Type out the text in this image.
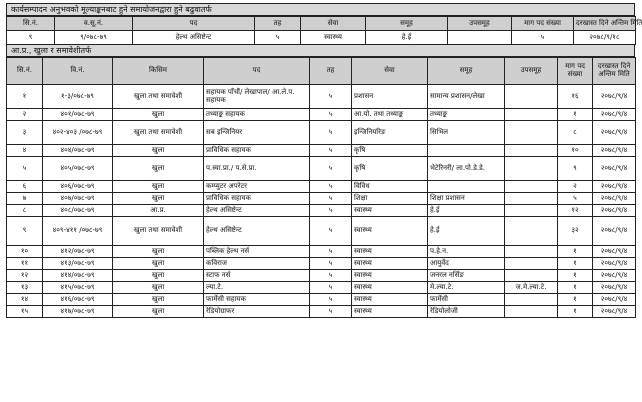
कार्यसम्पादन अनुभवको मूल्याङ्कनबाट हुने समायोजनद्वारा हुने बढुवातर्फ
सि.नं.	व.सू.नं.	पद	तह	सेवा	समूह	उपसमूह	माग पद संख्या	दरखास्त दिने अन्तिम मिति
९	९/०७८-७९	हेल्थ असिष्टेन्ट	५	स्वास्थ्य	हे.ई		५	२०७८/९/१८
आ.प्र., खुला र समावेशीतर्फ
सि.नं.	वि.नं.	किसिम	पद	तह	सेवा	समूह	उपसमूह	माग पद संख्या	दरखास्त दिने अन्तिम मिति
१	१-३/०७८-७९	खुला तथा समावेशी	सहायक पाँचौं/ लेखापाल/ आ.ले.प. सहायक	५	प्रशासन	सामान्य प्रशासन/लेखा		१६	२०७८/९/४
२	४०१/०७८-७९	खुला	तथ्याङ्क सहायक	५	आ.यो. तथा तथ्याङ्क	तथ्याङ्क		१	२०७८/९/४
३	४०२-४०३ /०७८-७९	खुला तथा समावेशी	सब इन्जिनियर	५	इन्जिनियरिङ	सिभिल		८	२०७८/९/४
४	४०४/०७८-७९	खुला	प्राविधिक सहायक	५	कृषि			१०	२०७८/९/४
५	४०५/०७८-७९	खुला	प.स्वा.प्रा./ प.से.प्रा.	५	कृषि	भेटेरिनरी/ ला.पो.डे.डे.		९	२०७८/९/४
६	४०६/०७८-७९	खुला	कम्प्युटर अपरेटर	५	विविध			२	२०७८/९/४
७	४०७/०७८-७९	खुला	प्राविधिक सहायक	५	शिक्षा	शिक्षा प्रशासन		५	२०७८/९/४
८	४०८/०७८-७९	आ.प्र.	हेल्थ असिष्टेन्ट	५	स्वास्थ्य	हे.ई		१२	२०७८/९/४
९	४०९-४११ /०७८-७९	खुला तथा समावेशी	हेल्थ असिष्टेन्ट	५	स्वास्थ्य	हे.ई		३२	२०७८/९/४
१०	४१२/०७८-७९	खुला	पब्लिक हेल्थ नर्स	५	स्वास्थ्य	प.हे.न.		१	२०७८/९/४
११	४१३/०७८-७९	खुला	कविराज	५	स्वास्थ्य	आयुर्वेद		१	२०७८/९/४
१२	४१४/०७८-७९	खुला	स्टाफ नर्स	५	स्वास्थ्य	जनरल नर्सिङ		१	२०७८/९/४
१३	४१५/०७८-७९	खुला	ल्या.टे.	५	स्वास्थ्य	मे.ल्या.टे.	ज.मे.ल्या.टे.	१	२०७८/९/४
१४	४१६/०७८-७९	खुला	फार्मेसी सहायक	५	स्वास्थ्य	फार्मेसी		१	२०७८/९/४
१५	४१७/०७८-७९	खुला	रेडियोग्राफर	५	स्वास्थ्य	रेडियोलोजी		१	२०७८/९/४
